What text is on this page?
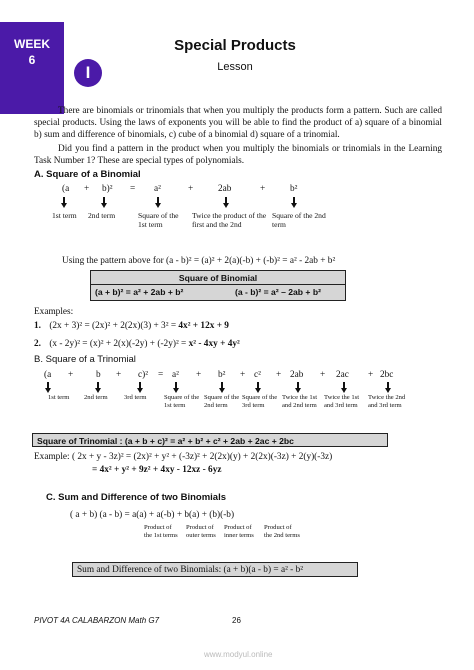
WEEK
6
Special Products
Lesson
I
There are binomials or trinomials that when you multiply the products form a pattern. Such are called special products. Using the laws of exponents you will be able to find the product of a) square of a binomial b) sum and difference of binomials, c) cube of a binomial d) square of a trinomial.
Did you find a pattern in the product when you multiply the binomials or trinomials in the Learning Task Number 1? These are special types of polynomials.
A. Square of a Binomial
(a + b)² = a²	+	2ab	+	b²
1st term	2nd term	Square of the 1st term
Twice the product of the first and the 2nd
Square of the 2nd term
Using the pattern above for (a - b)² = (a)² + 2(a)(-b) + (-b)² = a² - 2ab + b²
Square of Binomial
(a + b)² = a² + 2ab + b²	(a - b)² = a² – 2ab + b²
Examples:
1. (2x + 3)² = (2x)² + 2(2x)(3) + 3² = 4x² + 12x + 9
2. (x - 2y)² = (x)² + 2(x)(-2y) + (-2y)² = x² - 4xy + 4y²
B. Square of a Trinomial
(a + b + c)² = a² + b² + c² + 2ab + 2ac + 2bc
1st term	2nd term	3rd term	Square of the 1st term
Square of the 2nd term
Square of the 3rd term
Twice the 1st and 2nd term
Twice the 1st and 3rd term
Twice the 2nd and 3rd term
Square of Trinomial : (a + b + c)² = a² + b² + c² + 2ab + 2ac + 2bc
Example: ( 2x + y - 3z)² = (2x)² + y² + (-3z)² + 2(2x)(y) + 2(2x)(-3z) + 2(y)(-3z)
= 4x² + y² + 9z² + 4xy - 12xz - 6yz
C. Sum and Difference of two Binomials
( a + b) (a - b) = a(a) + a(-b) + b(a) + (b)(-b)
Product of the 1st terms
Product of outer terms
Product of inner terms
Product of the 2nd terms
Sum and Difference of two Binomials: (a + b)(a - b) = a² - b²
PIVOT 4A CALABARZON Math G7	26
www.modyul.online
